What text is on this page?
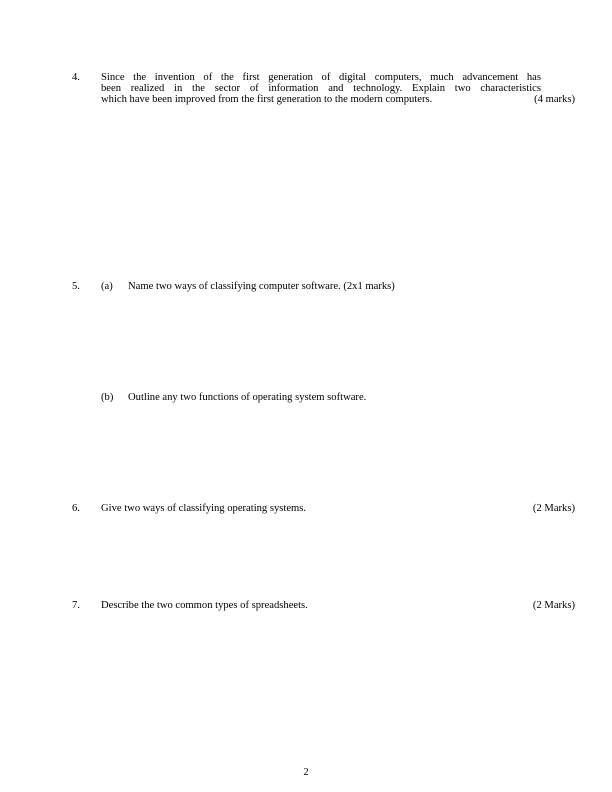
4. Since the invention of the first generation of digital computers, much advancement has
been realized in the sector of information and technology. Explain two characteristics
which have been improved from the first generation to the modern computers.	(4 marks)
5. (a) Name two ways of classifying computer software. (2x1 marks)
(b) Outline any two functions of operating system software.
6. Give two ways of classifying operating systems.	(2 Marks)
7. Describe the two common types of spreadsheets.	(2 Marks)
2
